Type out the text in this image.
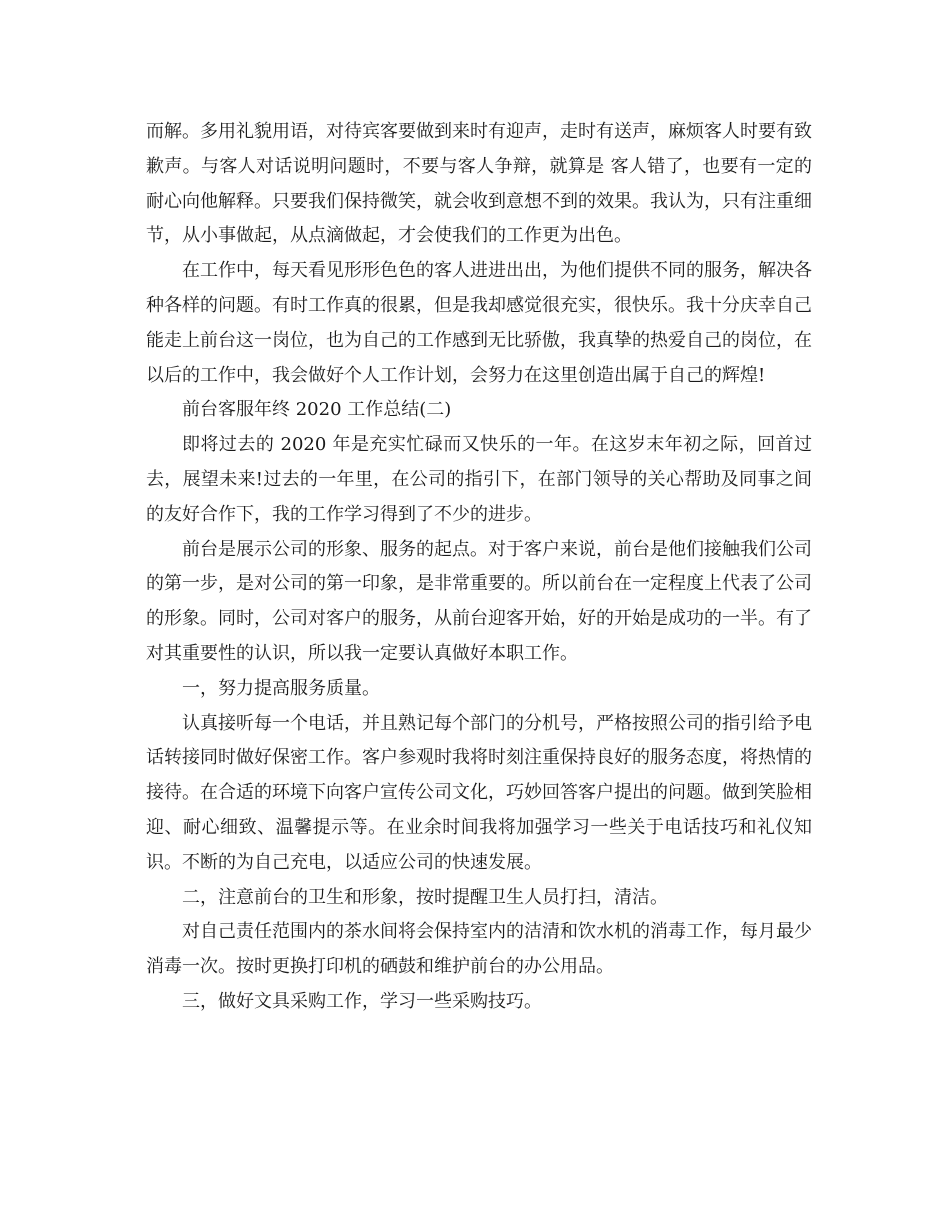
而解。多用礼貌用语，对待宾客要做到来时有迎声，走时有送声，麻烦客人时要有致歉声。与客人对话说明问题时，不要与客人争辩，就算是 客人错了，也要有一定的耐心向他解释。只要我们保持微笑，就会收到意想不到的效果。我认为，只有注重细节，从小事做起，从点滴做起，才会使我们的工作更为出色。

在工作中，每天看见形形色色的客人进进出出，为他们提供不同的服务，解决各种各样的问题。有时工作真的很累，但是我却感觉很充实，很快乐。我十分庆幸自己能走上前台这一岗位，也为自己的工作感到无比骄傲，我真挚的热爱自己的岗位，在以后的工作中，我会做好个人工作计划，会努力在这里创造出属于自己的辉煌!

前台客服年终 2020 工作总结(二)

即将过去的 2020 年是充实忙碌而又快乐的一年。在这岁末年初之际，回首过去，展望未来!过去的一年里，在公司的指引下，在部门领导的关心帮助及同事之间的友好合作下，我的工作学习得到了不少的进步。

前台是展示公司的形象、服务的起点。对于客户来说，前台是他们接触我们公司的第一步，是对公司的第一印象，是非常重要的。所以前台在一定程度上代表了公司的形象。同时，公司对客户的服务，从前台迎客开始，好的开始是成功的一半。有了对其重要性的认识，所以我一定要认真做好本职工作。

一，努力提高服务质量。

认真接听每一个电话，并且熟记每个部门的分机号，严格按照公司的指引给予电话转接同时做好保密工作。客户参观时我将时刻注重保持良好的服务态度，将热情的接待。在合适的环境下向客户宣传公司文化，巧妙回答客户提出的问题。做到笑脸相迎、耐心细致、温馨提示等。在业余时间我将加强学习一些关于电话技巧和礼仪知识。不断的为自己充电，以适应公司的快速发展。

二，注意前台的卫生和形象，按时提醒卫生人员打扫，清洁。

对自己责任范围内的茶水间将会保持室内的洁清和饮水机的消毒工作，每月最少消毒一次。按时更换打印机的硒鼓和维护前台的办公用品。

三，做好文具采购工作，学习一些采购技巧。
